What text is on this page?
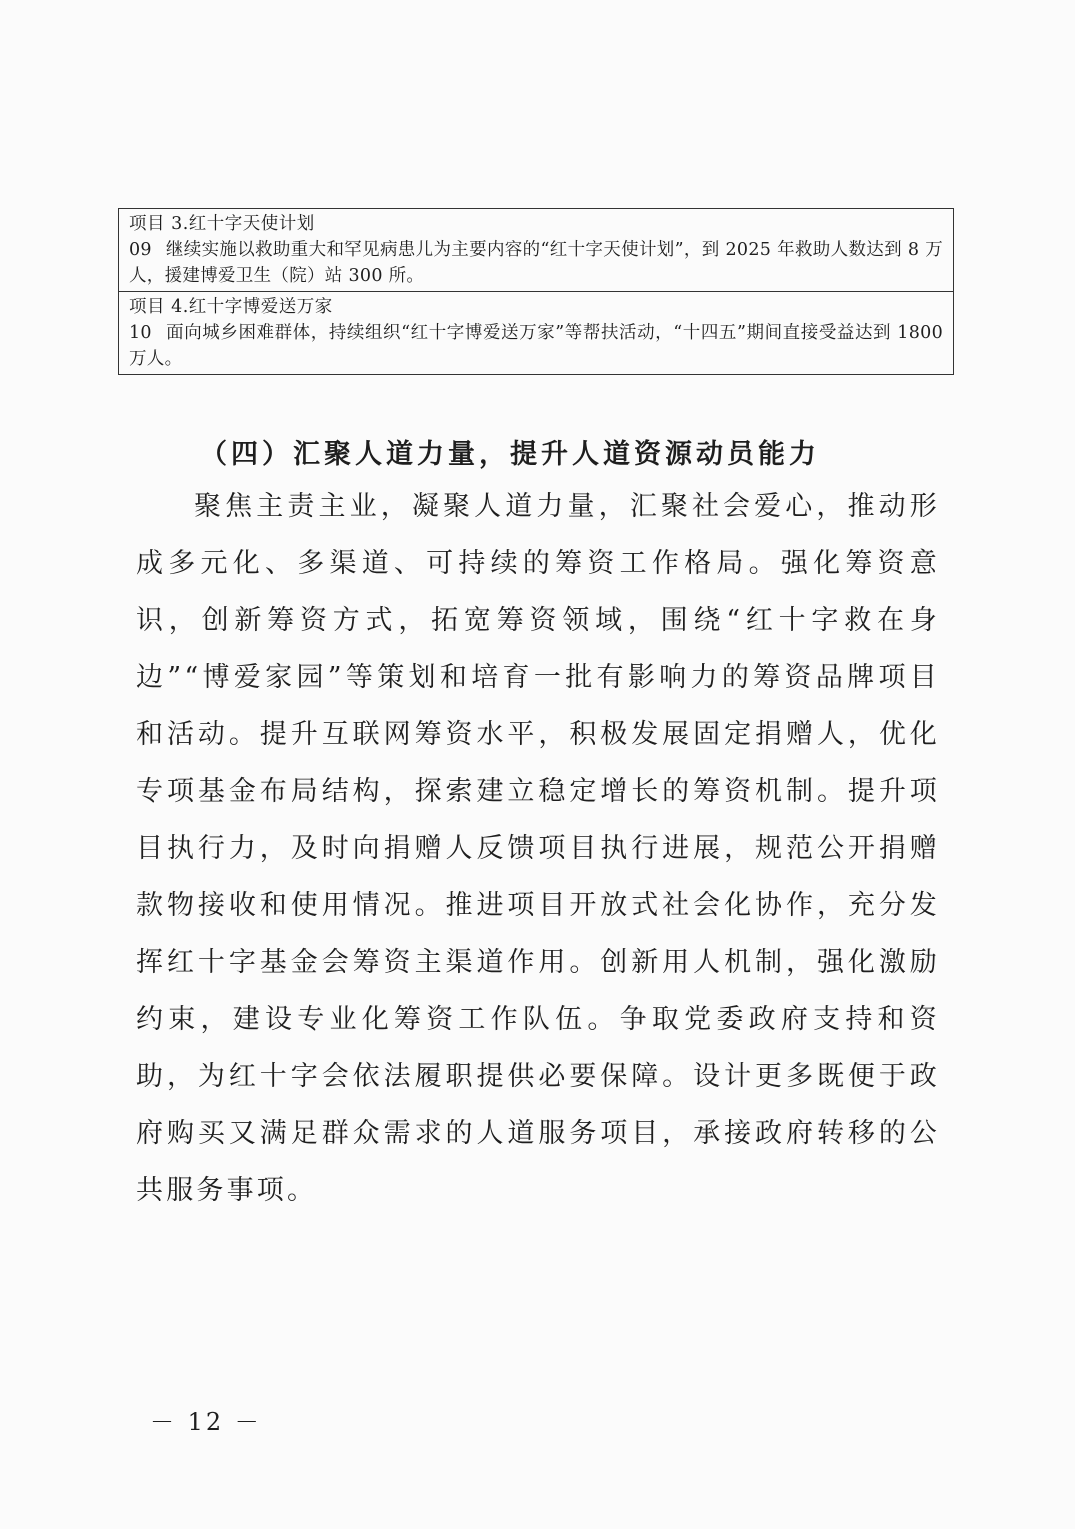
项目 3.红十字天使计划
09 继续实施以救助重大和罕见病患儿为主要内容的“红十字天使计划”，到 2025 年救助人数达到 8 万人，援建博爱卫生（院）站 300 所。
项目 4.红十字博爱送万家
10 面向城乡困难群体，持续组织“红十字博爱送万家”等帮扶活动，“十四五”期间直接受益达到 1800 万人。
（四）汇聚人道力量，提升人道资源动员能力

聚焦主责主业，凝聚人道力量，汇聚社会爱心，推动形成多元化、多渠道、可持续的筹资工作格局。强化筹资意识，创新筹资方式，拓宽筹资领域，围绕“红十字救在身边”“博爱家园”等策划和培育一批有影响力的筹资品牌项目和活动。提升互联网筹资水平，积极发展固定捐赠人，优化专项基金布局结构，探索建立稳定增长的筹资机制。提升项目执行力，及时向捐赠人反馈项目执行进展，规范公开捐赠款物接收和使用情况。推进项目开放式社会化协作，充分发挥红十字基金会筹资主渠道作用。创新用人机制，强化激励约束，建设专业化筹资工作队伍。争取党委政府支持和资助，为红十字会依法履职提供必要保障。设计更多既便于政府购买又满足群众需求的人道服务项目，承接政府转移的公共服务事项。

－ 12 －
